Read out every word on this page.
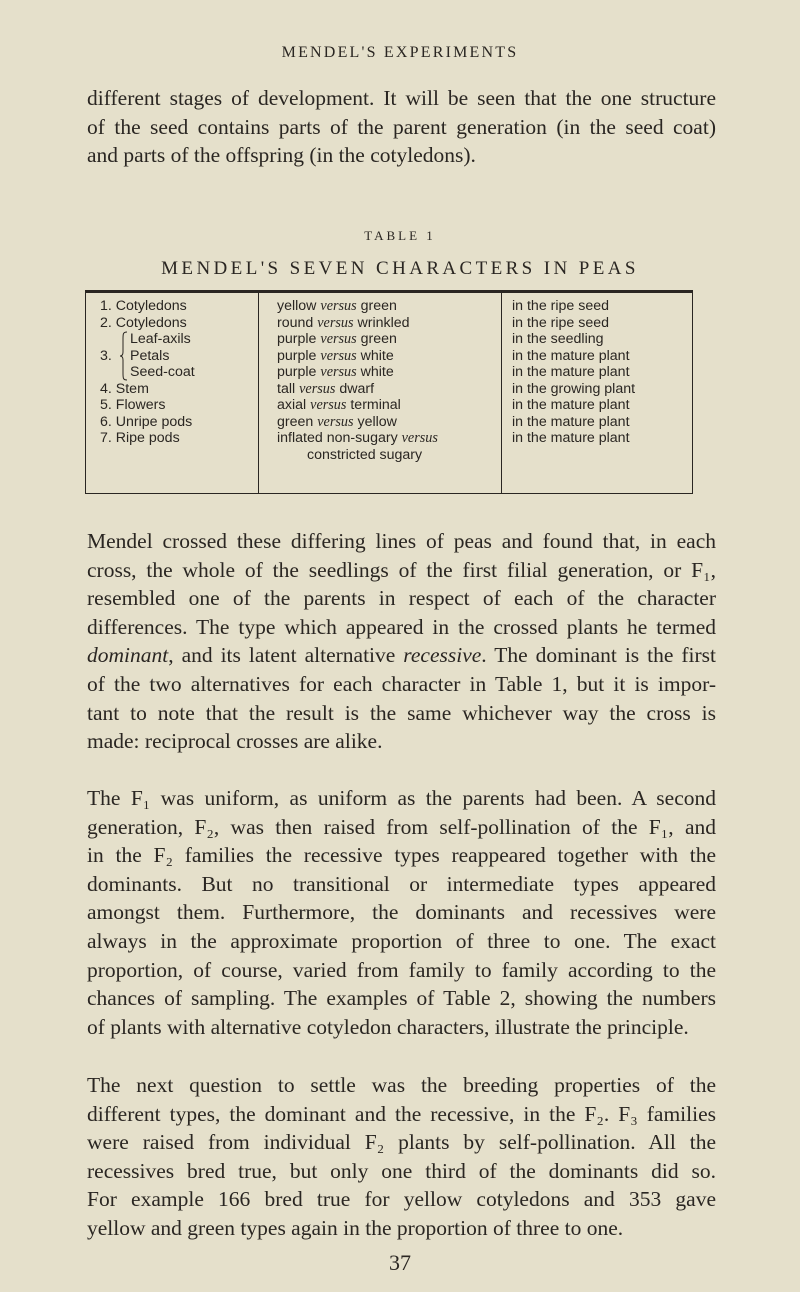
MENDEL'S EXPERIMENTS
different stages of development. It will be seen that the one structure
of the seed contains parts of the parent generation (in the seed coat)
and parts of the offspring (in the cotyledons).
TABLE 1
MENDEL'S SEVEN CHARACTERS IN PEAS
1. Cotyledons
2. Cotyledons
Leaf-axils
3. Petals
Seed-coat
4. Stem
5. Flowers
6. Unripe pods
7. Ripe pods
yellow versus green
round versus wrinkled
purple versus green
purple versus white
purple versus white
tall versus dwarf
axial versus terminal
green versus yellow
inflated non-sugary versus
constricted sugary
in the ripe seed
in the ripe seed
in the seedling
in the mature plant
in the mature plant
in the growing plant
in the mature plant
in the mature plant
in the mature plant
Mendel crossed these differing lines of peas and found that, in each
cross, the whole of the seedlings of the first filial generation, or F₁,
resembled one of the parents in respect of each of the character
differences. The type which appeared in the crossed plants he termed
dominant, and its latent alternative recessive. The dominant is the first
of the two alternatives for each character in Table 1, but it is impor-
tant to note that the result is the same whichever way the cross is
made: reciprocal crosses are alike.
The F₁ was uniform, as uniform as the parents had been. A second
generation, F₂, was then raised from self-pollination of the F₁, and
in the F₂ families the recessive types reappeared together with the
dominants. But no transitional or intermediate types appeared
amongst them. Furthermore, the dominants and recessives were
always in the approximate proportion of three to one. The exact
proportion, of course, varied from family to family according to the
chances of sampling. The examples of Table 2, showing the numbers
of plants with alternative cotyledon characters, illustrate the principle.
The next question to settle was the breeding properties of the
different types, the dominant and the recessive, in the F₂. F₃ families
were raised from individual F₂ plants by self-pollination. All the
recessives bred true, but only one third of the dominants did so.
For example 166 bred true for yellow cotyledons and 353 gave
yellow and green types again in the proportion of three to one.
37
